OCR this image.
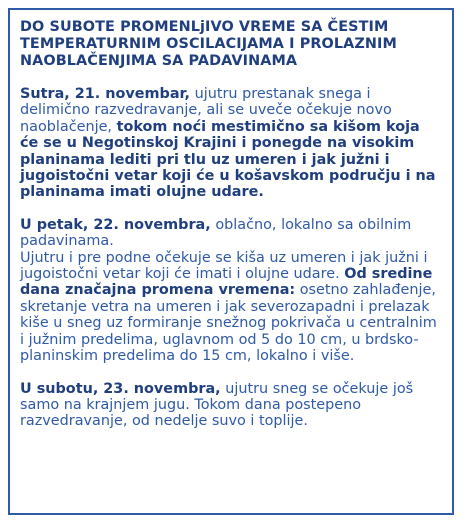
DO SUBOTE PROMENLjIVO VREME SA ČESTIM TEMPERATURNIM OSCILACIJAMA I PROLAZNIM NAOBLAČENJIMA SA PADAVINAMA

Sutra, 21. novembar, ujutru prestanak snega i delimično razvedravanje, ali se uveče očekuje novo naoblačenje, tokom noći mestimično sa kišom koja će se u Negotinskoj Krajini i ponegde na visokim planinama lediti pri tlu uz umeren i jak južni i jugoistočni vetar koji će u košavskom području i na planinama imati olujne udare.

U petak, 22. novembra, oblačno, lokalno sa obilnim padavinama.
Ujutru i pre podne očekuje se kiša uz umeren i jak južni i jugoistočni vetar koji će imati i olujne udare. Od sredine dana značajna promena vremena: osetno zahlađenje, skretanje vetra na umeren i jak severozapadni i prelazak kiše u sneg uz formiranje snežnog pokrivača u centralnim i južnim predelima, uglavnom od 5 do 10 cm, u brdsko-planinskim predelima do 15 cm, lokalno i više.

U subotu, 23. novembra, ujutru sneg se očekuje još samo na krajnjem jugu. Tokom dana postepeno razvedravanje, od nedelje suvo i toplije.
